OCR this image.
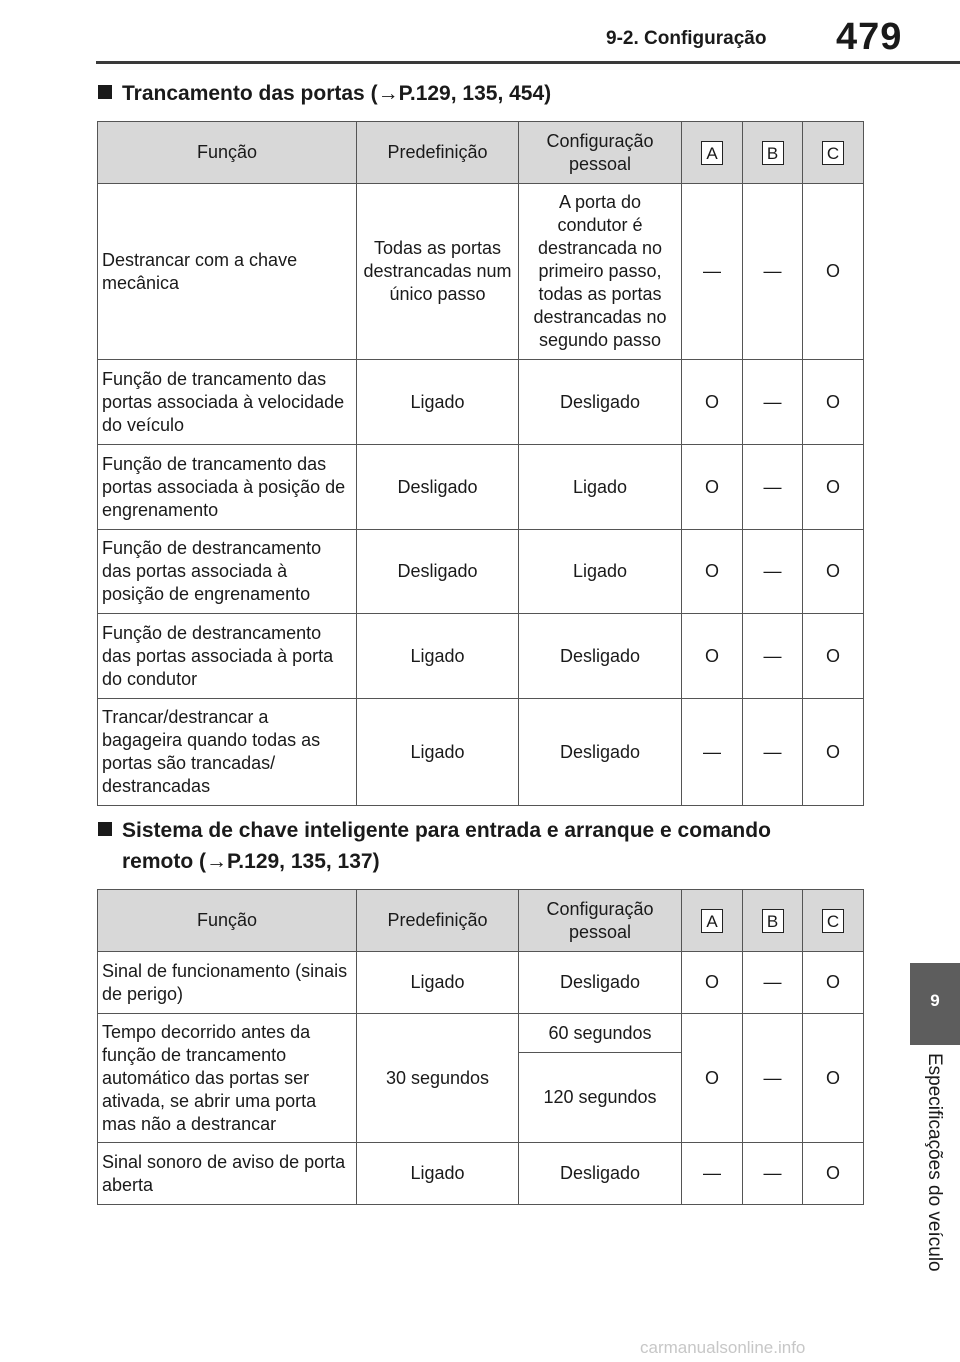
9-2. Configuração 479
9
Especificações do veículo
Trancamento das portas (→P.129, 135, 454)
Função	Predefinição	Configuração pessoal	A	B	C
Destrancar com a chave mecânica	Todas as portas destrancadas num único passo	A porta do condutor é destrancada no primeiro passo, todas as portas destrancadas no segundo passo	—	—	O
Função de trancamento das portas associada à velocidade do veículo	Ligado	Desligado	O	—	O
Função de trancamento das portas associada à posição de engrenamento	Desligado	Ligado	O	—	O
Função de destrancamento das portas associada à posição de engrenamento	Desligado	Ligado	O	—	O
Função de destrancamento das portas associada à porta do condutor	Ligado	Desligado	O	—	O
Trancar/destrancar a bagageira quando todas as portas são trancadas/ destrancadas	Ligado	Desligado	—	—	O
Sistema de chave inteligente para entrada e arranque e comando
remoto (→P.129, 135, 137)
Função	Predefinição	Configuração pessoal	A	B	C
Sinal de funcionamento (sinais de perigo)	Ligado	Desligado	O	—	O
Tempo decorrido antes da função de trancamento automático das portas ser ativada, se abrir uma porta mas não a destrancar	30 segundos	60 segundos	O	—	O
		120 segundos			
Sinal sonoro de aviso de porta aberta	Ligado	Desligado	—	—	O
carmanualsonline.info
